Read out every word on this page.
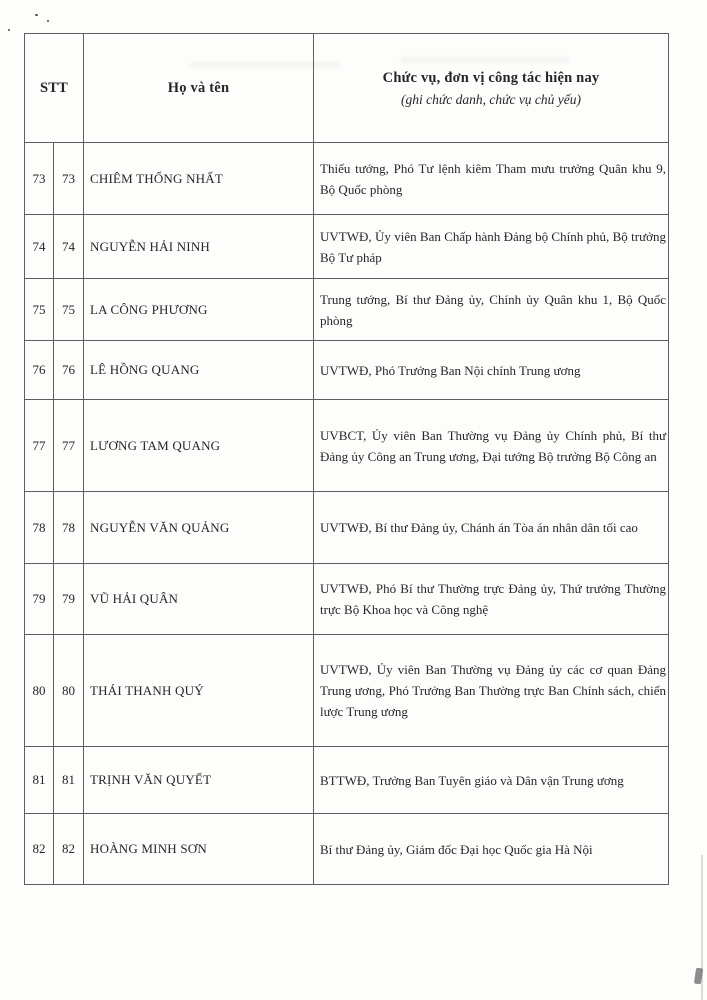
STT		Họ và tên	Chức vụ, đơn vị công tác hiện nay
(ghi chức danh, chức vụ chủ yếu)

73	73	CHIÊM THỐNG NHẤT	Thiếu tướng, Phó Tư lệnh kiêm Tham mưu trưởng Quân khu 9, Bộ Quốc phòng
74	74	NGUYỄN HẢI NINH	UVTWĐ, Ủy viên Ban Chấp hành Đảng bộ Chính phủ, Bộ trưởng Bộ Tư pháp
75	75	LA CÔNG PHƯƠNG	Trung tướng, Bí thư Đảng ủy, Chính ủy Quân khu 1, Bộ Quốc phòng
76	76	LÊ HỒNG QUANG	UVTWĐ, Phó Trưởng Ban Nội chính Trung ương
77	77	LƯƠNG TAM QUANG	UVBCT, Ủy viên Ban Thường vụ Đảng ủy Chính phủ, Bí thư Đảng ủy Công an Trung ương, Đại tướng Bộ trưởng Bộ Công an
78	78	NGUYỄN VĂN QUẢNG	UVTWĐ, Bí thư Đảng ủy, Chánh án Tòa án nhân dân tối cao
79	79	VŨ HẢI QUÂN	UVTWĐ, Phó Bí thư Thường trực Đảng ủy, Thứ trưởng Thường trực Bộ Khoa học và Công nghệ
80	80	THÁI THANH QUÝ	UVTWĐ, Ủy viên Ban Thường vụ Đảng ủy các cơ quan Đảng Trung ương, Phó Trưởng Ban Thường trực Ban Chính sách, chiến lược Trung ương
81	81	TRỊNH VĂN QUYẾT	BTTWĐ, Trưởng Ban Tuyên giáo và Dân vận Trung ương
82	82	HOÀNG MINH SƠN	Bí thư Đảng ủy, Giám đốc Đại học Quốc gia Hà Nội
